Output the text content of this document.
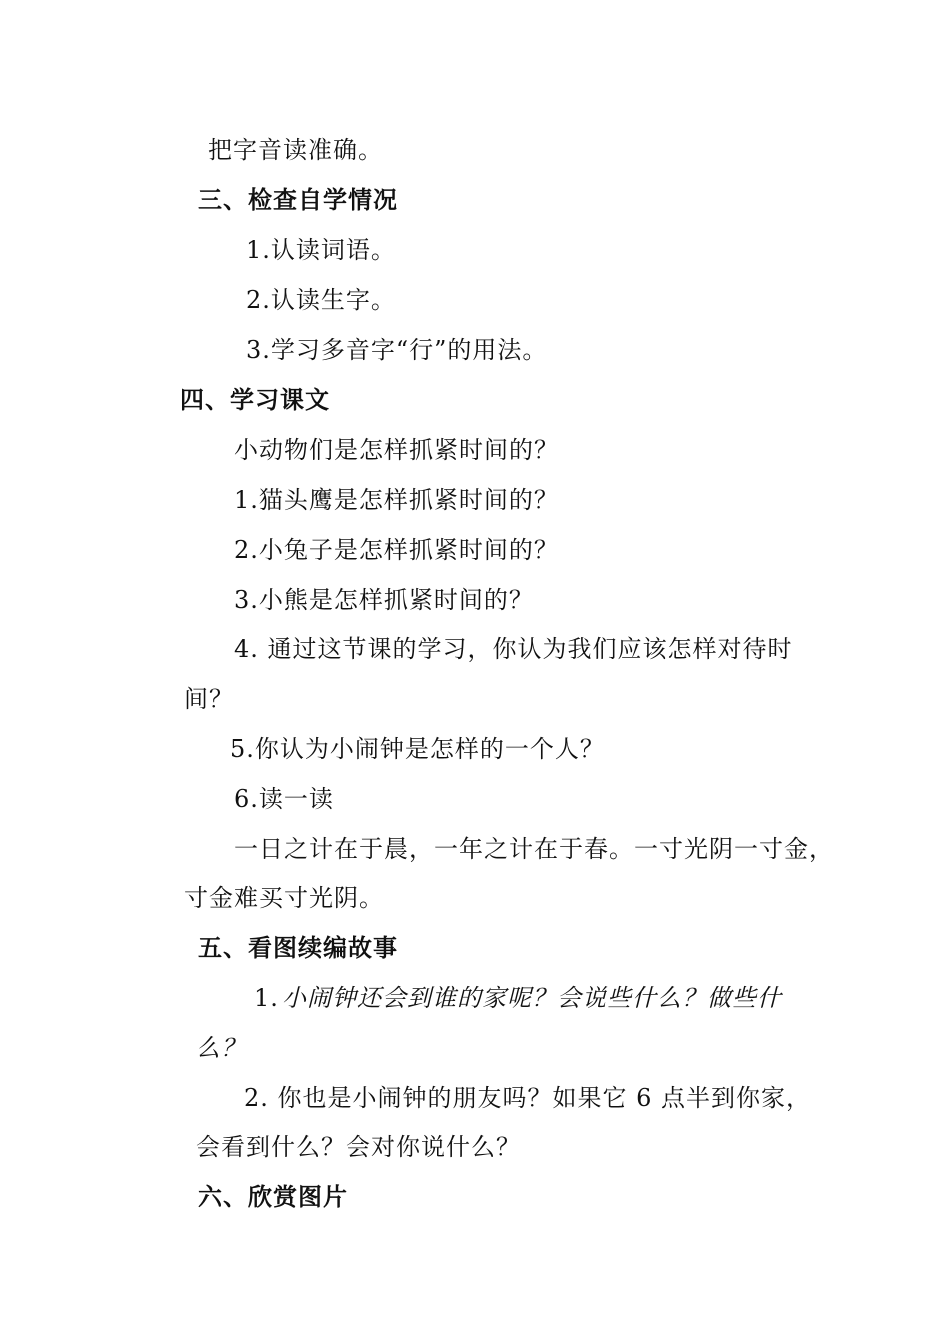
把字音读准确。
三、检查自学情况
1.认读词语。
2.认读生字。
3.学习多音字“行”的用法。
四、学习课文
小动物们是怎样抓紧时间的？
1.猫头鹰是怎样抓紧时间的？
2.小兔子是怎样抓紧时间的？
3.小熊是怎样抓紧时间的？
4. 通过这节课的学习，你认为我们应该怎样对待时
间？
5.你认为小闹钟是怎样的一个人？
6.读一读
一日之计在于晨，一年之计在于春。一寸光阴一寸金，
寸金难买寸光阴。
五、看图续编故事
1. 小闹钟还会到谁的家呢？会说些什么？做些什
么？
2. 你也是小闹钟的朋友吗？如果它 6 点半到你家，
会看到什么？会对你说什么？
六、欣赏图片
